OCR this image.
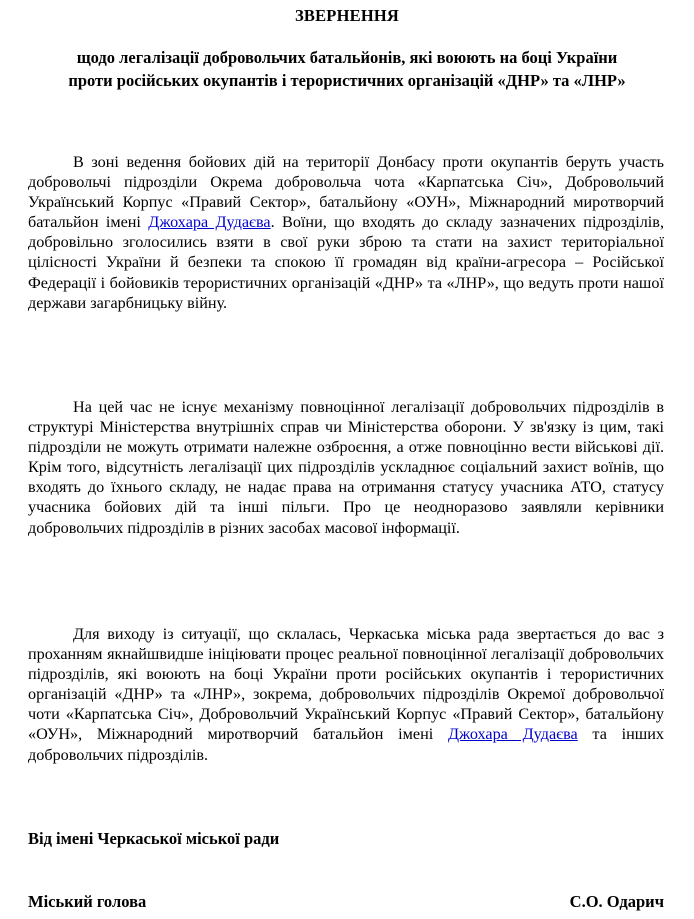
ЗВЕРНЕННЯ
щодо легалізації добровольчих батальйонів, які воюють на боці України
проти російських окупантів і терористичних організацій «ДНР» та «ЛНР»

В зоні ведення бойових дій на території Донбасу проти окупантів беруть участь добровольчі підрозділи Окрема добровольча чота «Карпатська Січ», Добровольчий Український Корпус «Правий Сектор», батальйону «ОУН», Міжнародний миротворчий батальйон імені Джохара Дудаєва. Воїни, що входять до складу зазначених підрозділів, добровільно зголосились взяти в свої руки зброю та стати на захист територіальної цілісності України й безпеки та спокою її громадян від країни-агресора – Російської Федерації і бойовиків терористичних організацій «ДНР» та «ЛНР», що ведуть проти нашої держави загарбницьку війну.

На цей час не існує механізму повноцінної легалізації добровольчих підрозділів в структурі Міністерства внутрішніх справ чи Міністерства оборони. У зв'язку із цим, такі підрозділи не можуть отримати належне озброєння, а отже повноцінно вести військові дії. Крім того, відсутність легалізації цих підрозділів ускладнює соціальний захист воїнів, що входять до їхнього складу, не надає права на отримання статусу учасника АТО, статусу учасника бойових дій та інші пільги. Про це неодноразово заявляли керівники добровольчих підрозділів в різних засобах масової інформації.

Для виходу із ситуації, що склалась, Черкаська міська рада звертається до вас з проханням якнайшвидше ініціювати процес реальної повноцінної легалізації добровольчих підрозділів, які воюють на боці України проти російських окупантів і терористичних організацій «ДНР» та «ЛНР», зокрема, добровольчих підрозділів Окремої добровольчої чоти «Карпатська Січ», Добровольчий Український Корпус «Правий Сектор», батальйону «ОУН», Міжнародний миротворчий батальйон імені Джохара Дудаєва та інших добровольчих підрозділів.

Від імені Черкаської міської ради
Міський голова	С.О. Одарич
